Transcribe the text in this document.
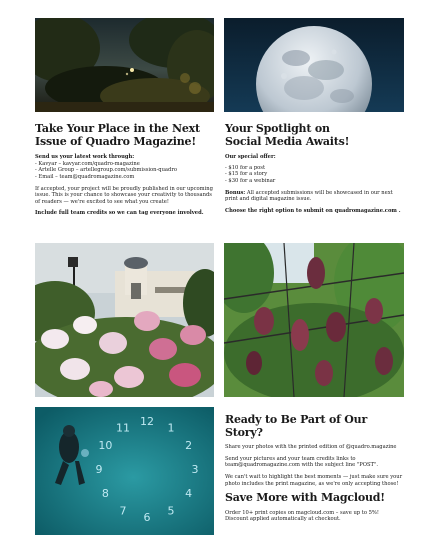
Take Your Place in the Next Issue of Quadro Magazine!

Send us your latest work through:

- Kavyar – kavyar.com/quadro-magazine

- Artelle Group – artellegroup.com/submission-quadro

- Email – team@quadromagazine.com

If accepted, your project will be proudly published in our upcoming issue. This is your chance to showcase your creativity to thousands of readers — we're excited to see what you create!

Include full team credits so we can tag everyone involved.

Your Spotlight on Social Media Awaits!

Our special offer:

- $10 for a post

- $15 for a story

- $30 for a webinar

Bonus: All accepted submissions will be showcased in our next print and digital magazine issue.

Choose the right option to submit on quadromagazine.com .

12 1
2
3
4
5
6
7
8
9
10
11
Ready to Be Part of Our Story?

Share your photos with the printed edition of @quadro.magazine

Send your pictures and your team credits links to team@quadromagazine.com with the subject line "POST".

We can't wait to highlight the best moments — just make sure your photo includes the print magazine, as we're only accepting those!

Save More with Magcloud!

Order 10+ print copies on magcloud.com – save up to 5%!

Discount applied automatically at checkout.
